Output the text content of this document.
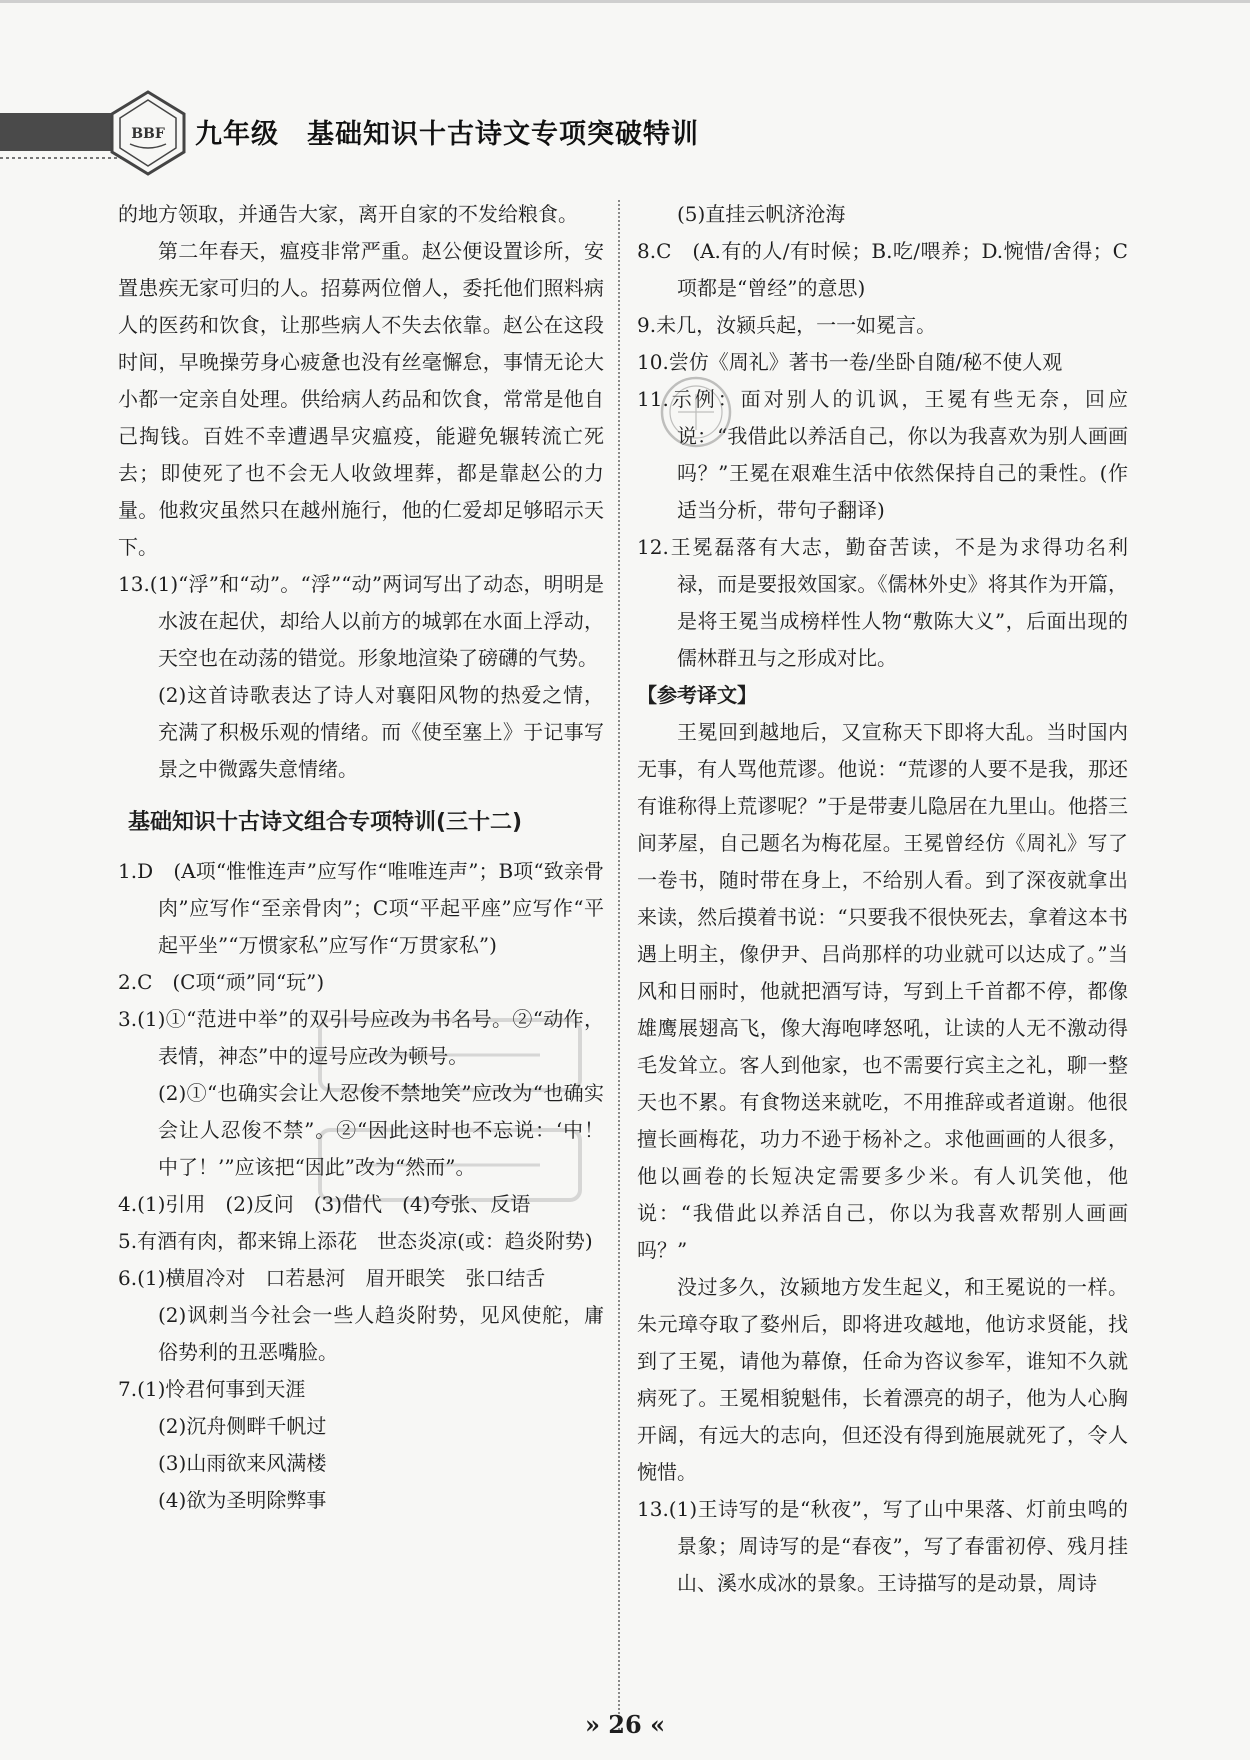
BBF 九年级 基础知识十古诗文专项突破特训

的地方领取，并通告大家，离开自家的不发给粮食。

第二年春天，瘟疫非常严重。赵公便设置诊所，安置患疾无家可归的人。招募两位僧人，委托他们照料病人的医药和饮食，让那些病人不失去依靠。赵公在这段时间，早晚操劳身心疲惫也没有丝毫懈怠，事情无论大小都一定亲自处理。供给病人药品和饮食，常常是他自己掏钱。百姓不幸遭遇旱灾瘟疫，能避免辗转流亡死去；即使死了也不会无人收敛埋葬，都是靠赵公的力量。他救灾虽然只在越州施行，他的仁爱却足够昭示天下。

13.(1)“浮”和“动”。“浮”“动”两词写出了动态，明明是水波在起伏，却给人以前方的城郭在水面上浮动，天空也在动荡的错觉。形象地渲染了磅礴的气势。

(2)这首诗歌表达了诗人对襄阳风物的热爱之情，充满了积极乐观的情绪。而《使至塞上》于记事写景之中微露失意情绪。

基础知识十古诗文组合专项特训(三十二)

1.D　(A项“惟惟连声”应写作“唯唯连声”；B项“致亲骨肉”应写作“至亲骨肉”；C项“平起平座”应写作“平起平坐”“万惯家私”应写作“万贯家私”)

2.C　(C项“顽”同“玩”)

3.(1)①“范进中举”的双引号应改为书名号。②“动作，表情，神态”中的逗号应改为顿号。

(2)①“也确实会让人忍俊不禁地笑”应改为“也确实会让人忍俊不禁”。②“因此这时也不忘说：‘中！中了！’”应该把“因此”改为“然而”。

4.(1)引用　(2)反问　(3)借代　(4)夸张、反语

5.有酒有肉，都来锦上添花　世态炎凉(或：趋炎附势)

6.(1)横眉冷对　口若悬河　眉开眼笑　张口结舌

(2)讽刺当今社会一些人趋炎附势，见风使舵，庸俗势利的丑恶嘴脸。

7.(1)怜君何事到天涯

(2)沉舟侧畔千帆过

(3)山雨欲来风满楼

(4)欲为圣明除弊事

(5)直挂云帆济沧海

8.C　(A.有的人/有时候；B.吃/喂养；D.惋惜/舍得；C项都是“曾经”的意思)

9.未几，汝颍兵起，一一如冕言。

10.尝仿《周礼》著书一卷/坐卧自随/秘不使人观

11.示例：面对别人的讥讽，王冕有些无奈，回应说：“我借此以养活自己，你以为我喜欢为别人画画吗？”王冕在艰难生活中依然保持自己的秉性。(作适当分析，带句子翻译)

12.王冕磊落有大志，勤奋苦读，不是为求得功名利禄，而是要报效国家。《儒林外史》将其作为开篇，是将王冕当成榜样性人物“敷陈大义”，后面出现的儒林群丑与之形成对比。

【参考译文】

王冕回到越地后，又宣称天下即将大乱。当时国内无事，有人骂他荒谬。他说：“荒谬的人要不是我，那还有谁称得上荒谬呢？”于是带妻儿隐居在九里山。他搭三间茅屋，自己题名为梅花屋。王冕曾经仿《周礼》写了一卷书，随时带在身上，不给别人看。到了深夜就拿出来读，然后摸着书说：“只要我不很快死去，拿着这本书遇上明主，像伊尹、吕尚那样的功业就可以达成了。”当风和日丽时，他就把酒写诗，写到上千首都不停，都像雄鹰展翅高飞，像大海咆哮怒吼，让读的人无不激动得毛发耸立。客人到他家，也不需要行宾主之礼，聊一整天也不累。有食物送来就吃，不用推辞或者道谢。他很擅长画梅花，功力不逊于杨补之。求他画画的人很多，他以画卷的长短决定需要多少米。有人讥笑他，他说：“我借此以养活自己，你以为我喜欢帮别人画画吗？”

没过多久，汝颍地方发生起义，和王冕说的一样。朱元璋夺取了婺州后，即将进攻越地，他访求贤能，找到了王冕，请他为幕僚，任命为咨议参军，谁知不久就病死了。王冕相貌魁伟，长着漂亮的胡子，他为人心胸开阔，有远大的志向，但还没有得到施展就死了，令人惋惜。

13.(1)王诗写的是“秋夜”，写了山中果落、灯前虫鸣的景象；周诗写的是“春夜”，写了春雷初停、残月挂山、溪水成冰的景象。王诗描写的是动景，周诗

» 26 «
